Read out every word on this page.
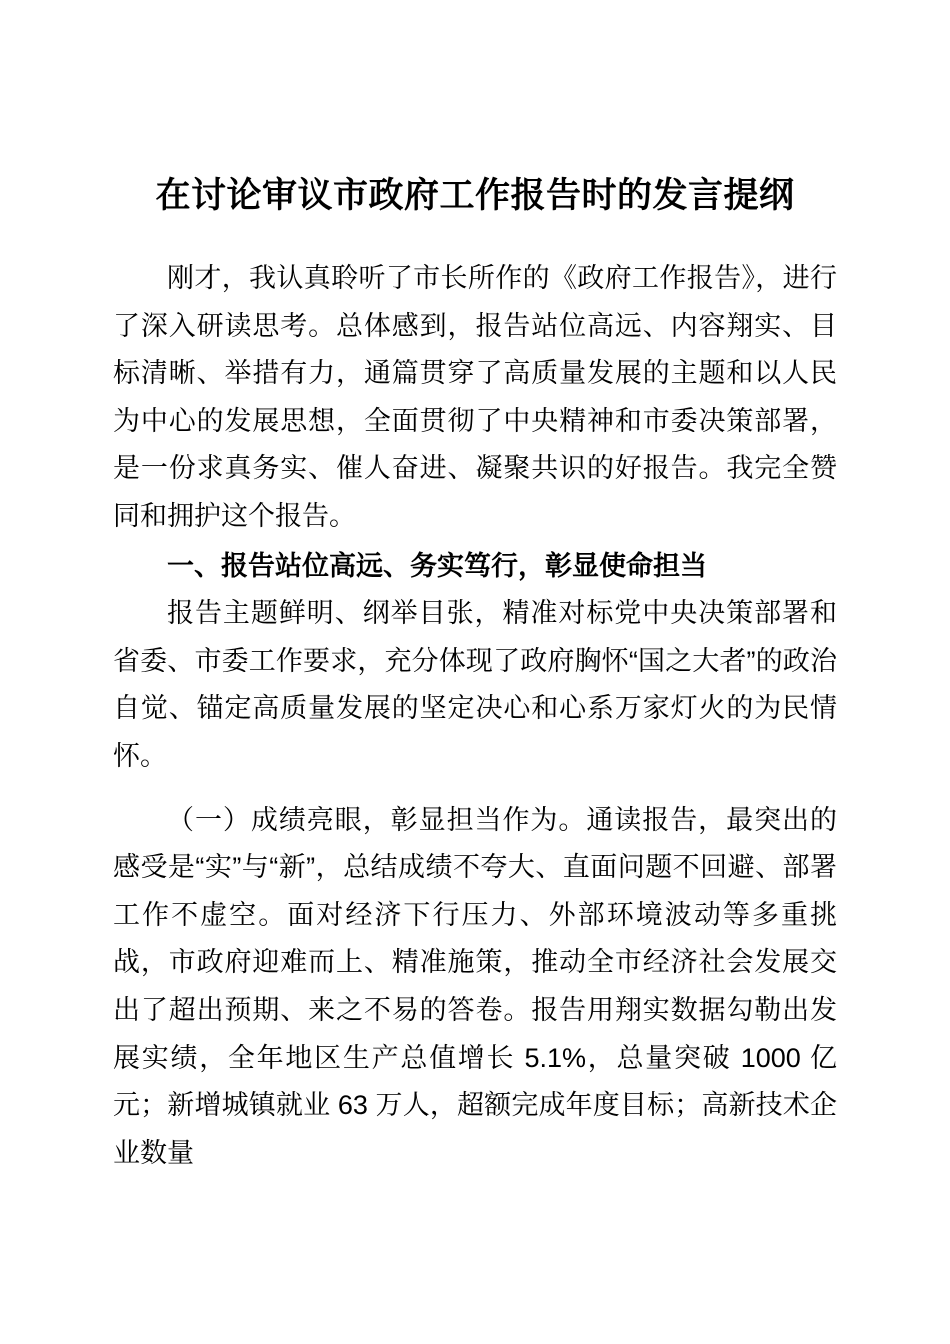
在讨论审议市政府工作报告时的发言提纲

刚才，我认真聆听了市长所作的《政府工作报告》，进行了深入研读思考。总体感到，报告站位高远、内容翔实、目标清晰、举措有力，通篇贯穿了高质量发展的主题和以人民为中心的发展思想，全面贯彻了中央精神和市委决策部署，是一份求真务实、催人奋进、凝聚共识的好报告。我完全赞同和拥护这个报告。

一、报告站位高远、务实笃行，彰显使命担当

报告主题鲜明、纲举目张，精准对标党中央决策部署和省委、市委工作要求，充分体现了政府胸怀“国之大者”的政治自觉、锚定高质量发展的坚定决心和心系万家灯火的为民情怀。

（一）成绩亮眼，彰显担当作为。通读报告，最突出的感受是“实”与“新”，总结成绩不夸大、直面问题不回避、部署工作不虚空。面对经济下行压力、外部环境波动等多重挑战，市政府迎难而上、精准施策，推动全市经济社会发展交出了超出预期、来之不易的答卷。报告用翔实数据勾勒出发展实绩，全年地区生产总值增长 5.1%，总量突破 1000 亿元；新增城镇就业 63 万人，超额完成年度目标；高新技术企业数量
